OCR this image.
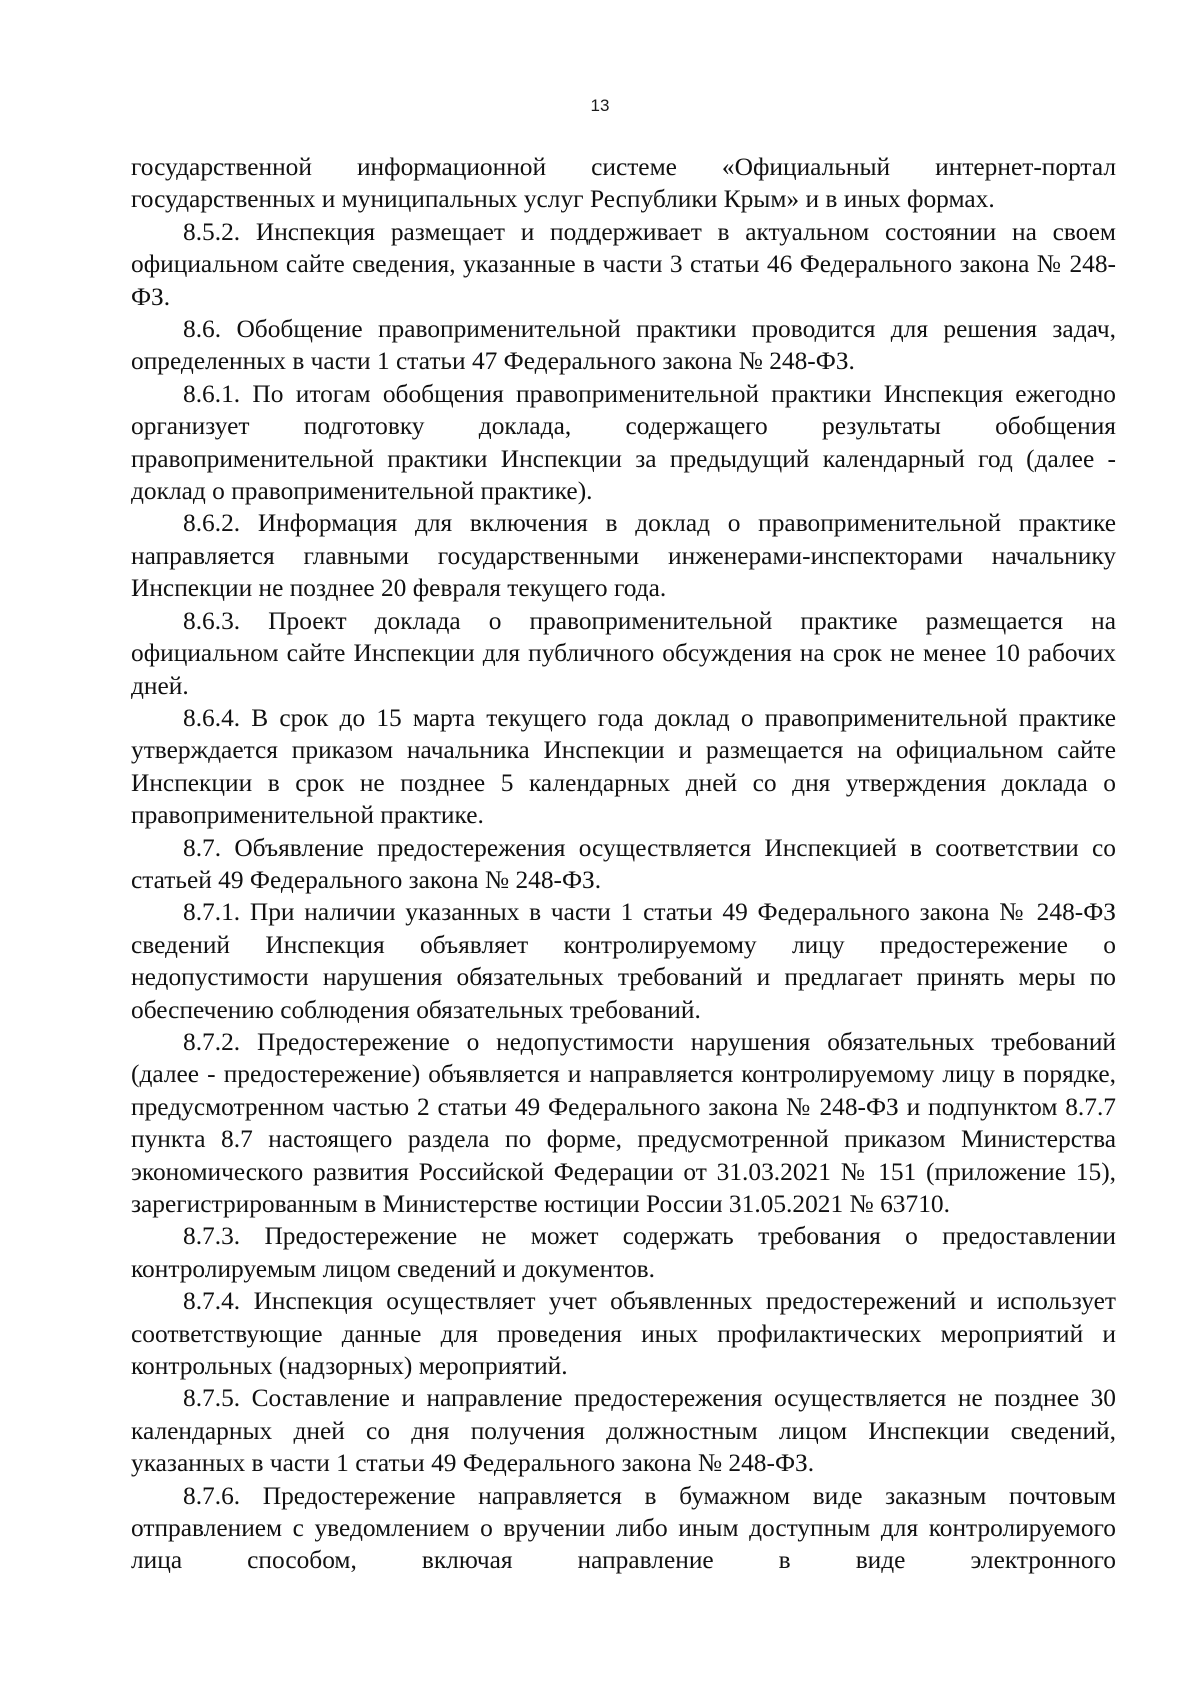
13

государственной информационной системе «Официальный интернет-портал государственных и муниципальных услуг Республики Крым» и в иных формах.

8.5.2. Инспекция размещает и поддерживает в актуальном состоянии на своем официальном сайте сведения, указанные в части 3 статьи 46 Федерального закона № 248-ФЗ.

8.6. Обобщение правоприменительной практики проводится для решения задач, определенных в части 1 статьи 47 Федерального закона № 248-ФЗ.

8.6.1. По итогам обобщения правоприменительной практики Инспекция ежегодно организует подготовку доклада, содержащего результаты обобщения правоприменительной практики Инспекции за предыдущий календарный год (далее - доклад о правоприменительной практике).

8.6.2. Информация для включения в доклад о правоприменительной практике направляется главными государственными инженерами-инспекторами начальнику Инспекции не позднее 20 февраля текущего года.

8.6.3. Проект доклада о правоприменительной практике размещается на официальном сайте Инспекции для публичного обсуждения на срок не менее 10 рабочих дней.

8.6.4. В срок до 15 марта текущего года доклад о правоприменительной практике утверждается приказом начальника Инспекции и размещается на официальном сайте Инспекции в срок не позднее 5 календарных дней со дня утверждения доклада о правоприменительной практике.

8.7. Объявление предостережения осуществляется Инспекцией в соответствии со статьей 49 Федерального закона № 248-ФЗ.

8.7.1. При наличии указанных в части 1 статьи 49 Федерального закона № 248-ФЗ сведений Инспекция объявляет контролируемому лицу предостережение о недопустимости нарушения обязательных требований и предлагает принять меры по обеспечению соблюдения обязательных требований.

8.7.2. Предостережение о недопустимости нарушения обязательных требований (далее - предостережение) объявляется и направляется контролируемому лицу в порядке, предусмотренном частью 2 статьи 49 Федерального закона № 248-ФЗ и подпунктом 8.7.7 пункта 8.7 настоящего раздела по форме, предусмотренной приказом Министерства экономического развития Российской Федерации от 31.03.2021 № 151 (приложение 15), зарегистрированным в Министерстве юстиции России 31.05.2021 № 63710.

8.7.3. Предостережение не может содержать требования о предоставлении контролируемым лицом сведений и документов.

8.7.4. Инспекция осуществляет учет объявленных предостережений и использует соответствующие данные для проведения иных профилактических мероприятий и контрольных (надзорных) мероприятий.

8.7.5. Составление и направление предостережения осуществляется не позднее 30 календарных дней со дня получения должностным лицом Инспекции сведений, указанных в части 1 статьи 49 Федерального закона № 248-ФЗ.

8.7.6. Предостережение направляется в бумажном виде заказным почтовым отправлением с уведомлением о вручении либо иным доступным для контролируемого лица способом, включая направление в виде электронного
